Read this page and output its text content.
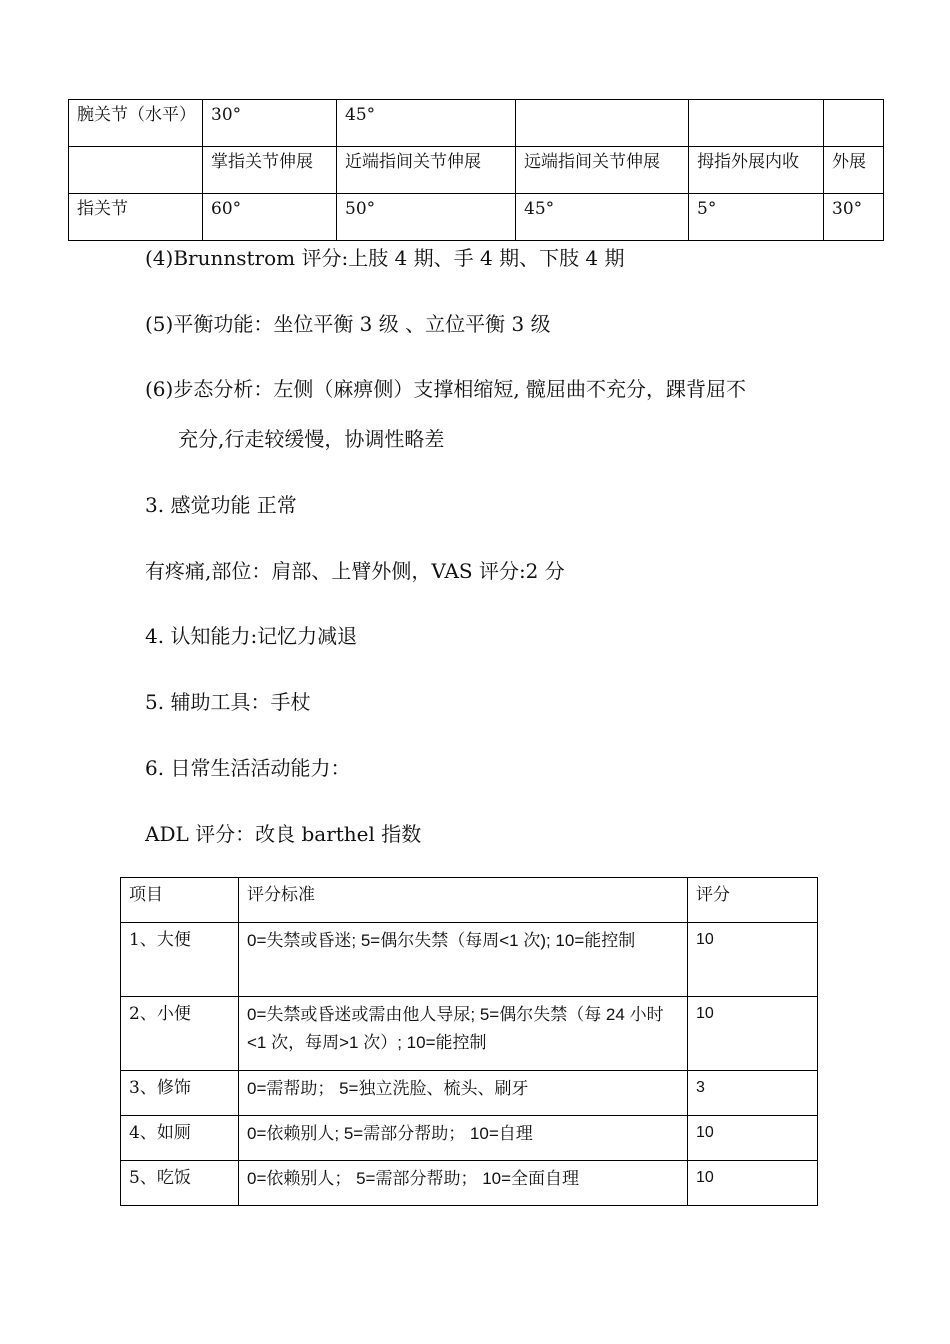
腕关节（水平）	30°	45°			
	掌指关节伸展	近端指间关节伸展	远端指间关节伸展	拇指外展内收	外展
指关节	60°	50°	45°	5°	30°

(4)Brunnstrom 评分:上肢 4 期、手 4 期、下肢 4 期

(5)平衡功能：坐位平衡 3 级 、立位平衡 3 级

(6)步态分析：左侧（麻痹侧）支撑相缩短, 髋屈曲不充分，踝背屈不

充分,行走较缓慢，协调性略差

3. 感觉功能 正常

有疼痛,部位：肩部、上臂外侧，VAS 评分:2 分

4. 认知能力:记忆力减退

5. 辅助工具：手杖

6. 日常生活活动能力：

ADL 评分：改良 barthel 指数

项目	评分标准	评分
1、大便	0=失禁或昏迷; 5=偶尔失禁（每周<1 次); 10=能控制	10
2、小便	0=失禁或昏迷或需由他人导尿; 5=偶尔失禁（每 24 小时<1 次，每周>1 次）; 10=能控制	10
3、修饰	0=需帮助； 5=独立洗脸、梳头、刷牙	3
4、如厕	0=依赖别人; 5=需部分帮助； 10=自理	10
5、吃饭	0=依赖别人； 5=需部分帮助； 10=全面自理	10
